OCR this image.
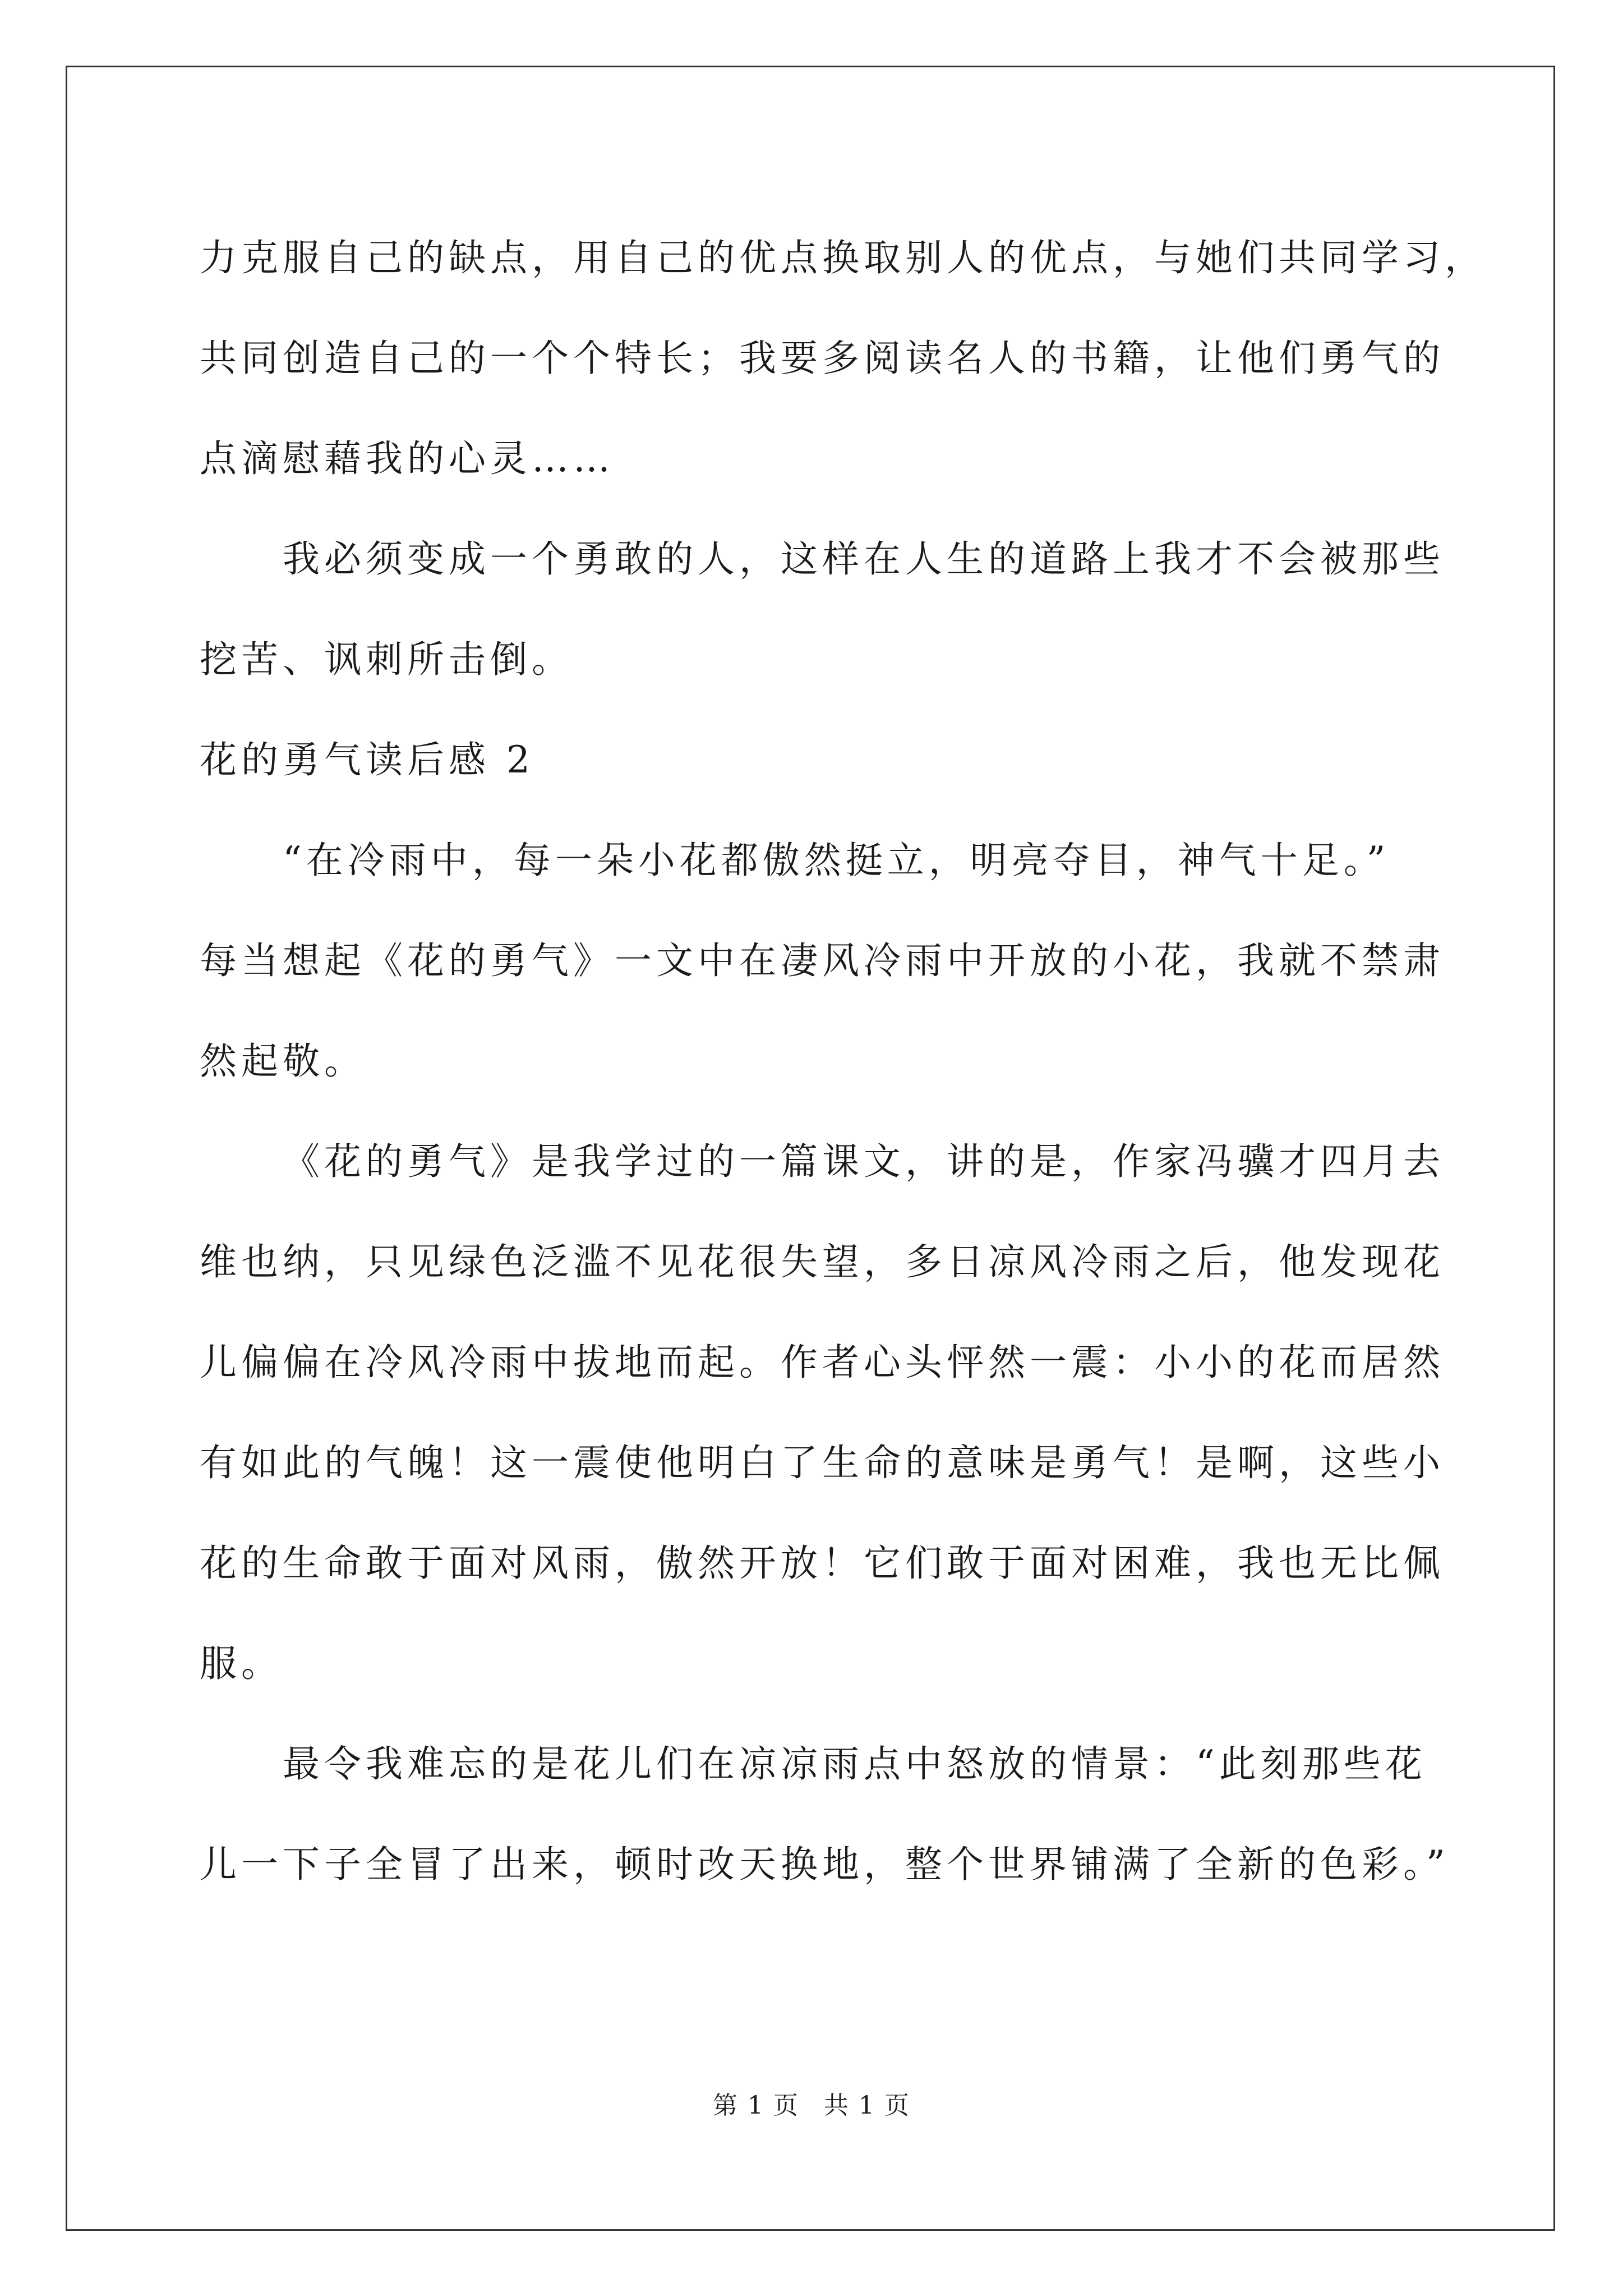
力克服自己的缺点，用自己的优点换取别人的优点，与她们共同学习，
共同创造自己的一个个特长；我要多阅读名人的书籍，让他们勇气的
点滴慰藉我的心灵……
我必须变成一个勇敢的人，这样在人生的道路上我才不会被那些
挖苦、讽刺所击倒。
花的勇气读后感 2
“在冷雨中，每一朵小花都傲然挺立，明亮夺目，神气十足。”
每当想起《花的勇气》一文中在凄风冷雨中开放的小花，我就不禁肃
然起敬。
《花的勇气》是我学过的一篇课文，讲的是，作家冯骥才四月去
维也纳，只见绿色泛滥不见花很失望，多日凉风冷雨之后，他发现花
儿偏偏在冷风冷雨中拔地而起。作者心头怦然一震：小小的花而居然
有如此的气魄！这一震使他明白了生命的意味是勇气！是啊，这些小
花的生命敢于面对风雨，傲然开放！它们敢于面对困难，我也无比佩
服。
最令我难忘的是花儿们在凉凉雨点中怒放的情景：“此刻那些花
儿一下子全冒了出来，顿时改天换地，整个世界铺满了全新的色彩。”
第 1 页 共 1 页
